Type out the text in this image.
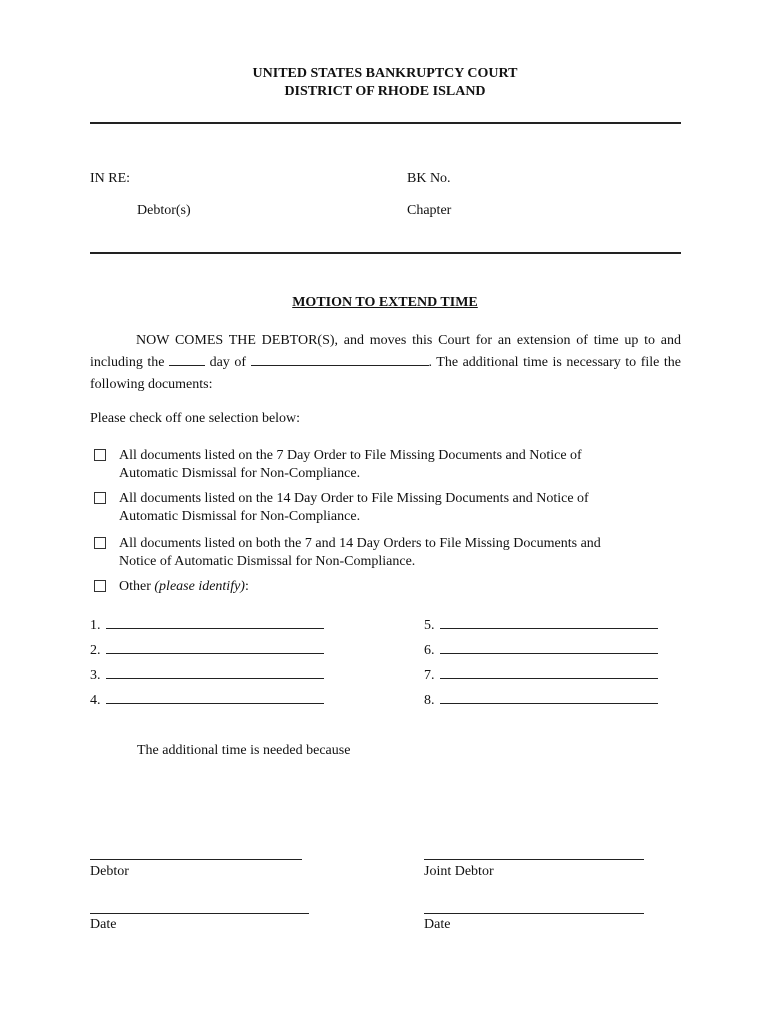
UNITED STATES BANKRUPTCY COURT
DISTRICT OF RHODE ISLAND
IN RE:	BK No.
Debtor(s)	Chapter
MOTION TO EXTEND TIME
NOW COMES THE DEBTOR(S), and moves this Court for an extension of time up to and including the	day of	. The additional time is necessary to file the following documents:
Please check off one selection below:
All documents listed on the 7 Day Order to File Missing Documents and Notice of Automatic Dismissal for Non-Compliance.
All documents listed on the 14 Day Order to File Missing Documents and Notice of Automatic Dismissal for Non-Compliance.
All documents listed on both the 7 and 14 Day Orders to File Missing Documents and Notice of Automatic Dismissal for Non-Compliance.
Other (please identify):
1.
2.
3.
4.
5.
6.
7.
8.
The additional time is needed because
Debtor	Joint Debtor
Date	Date
